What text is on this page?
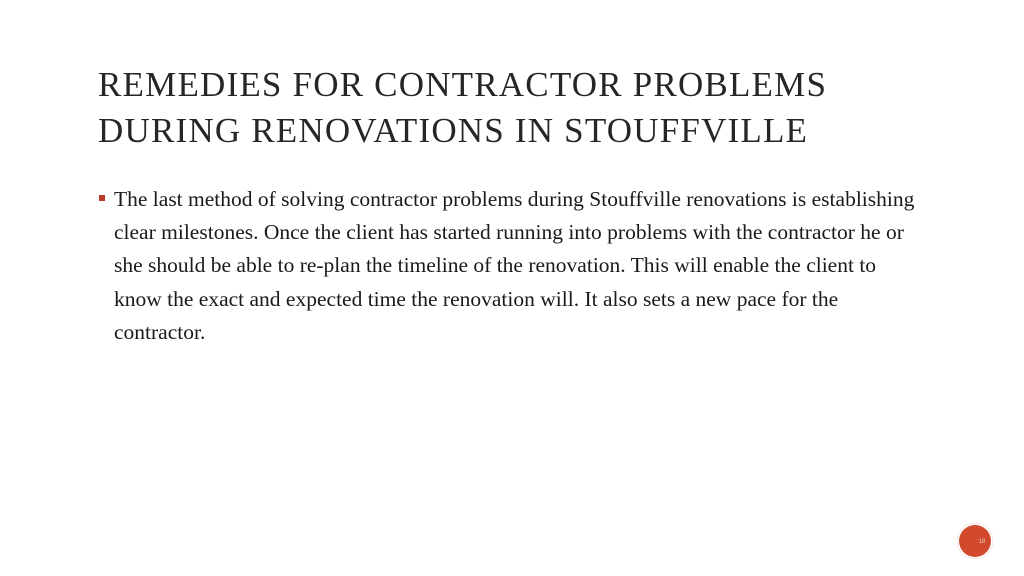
REMEDIES FOR CONTRACTOR PROBLEMS
DURING RENOVATIONS IN STOUFFVILLE
The last method of solving contractor problems during Stouffville renovations is establishing clear milestones. Once the client has started running into problems with the contractor he or she should be able to re-plan the timeline of the renovation. This will enable the client to know the exact and expected time the renovation will. It also sets a new pace for the contractor.
18
